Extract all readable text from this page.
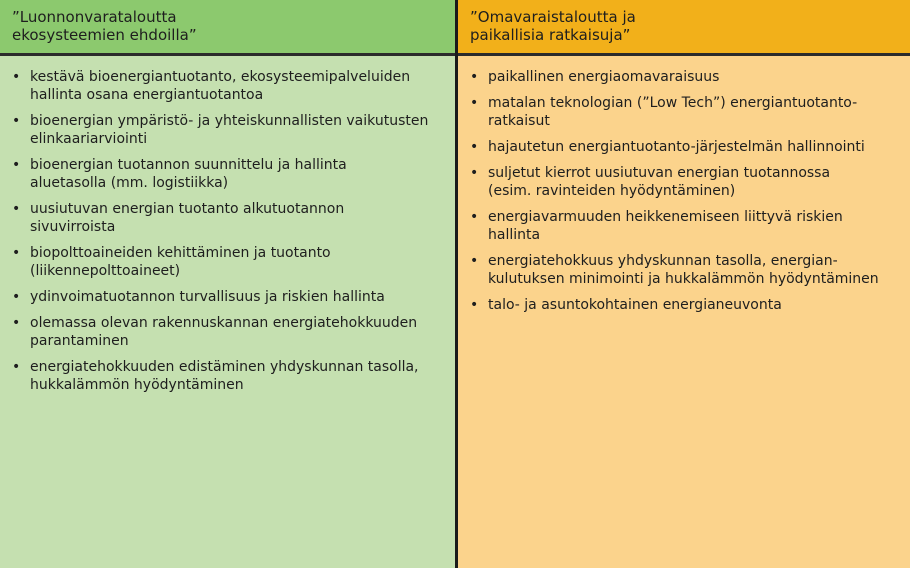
”Luonnonvarataloutta
ekosysteemien ehdoilla”
• kestävä bioenergiantuotanto, ekosysteemipalveluiden
hallinta osana energiantuotantoa
• bioenergian ympäristö- ja yhteiskunnallisten vaikutusten
elinkaariarviointi
• bioenergian tuotannon suunnittelu ja hallinta
aluetasolla (mm. logistiikka)
• uusiutuvan energian tuotanto alkutuotannon
sivuvirroista
• biopolttoaineiden kehittäminen ja tuotanto
(liikennepolttoaineet)
• ydinvoimatuotannon turvallisuus ja riskien hallinta
• olemassa olevan rakennuskannan energiatehokkuuden
parantaminen
• energiatehokkuuden edistäminen yhdyskunnan tasolla,
hukkalämmön hyödyntäminen
”Omavaraistaloutta ja
paikallisia ratkaisuja”
• paikallinen energiaomavaraisuus
• matalan teknologian (”Low Tech”) energiantuotanto-
ratkaisut
• hajautetun energiantuotanto-järjestelmän hallinnointi
• suljetut kierrot uusiutuvan energian tuotannossa
(esim. ravinteiden hyödyntäminen)
• energiavarmuuden heikkenemiseen liittyvä riskien
hallinta
• energiatehokkuus yhdyskunnan tasolla, energian-
kulutuksen minimointi ja hukkalämmön hyödyntäminen
• talo- ja asuntokohtainen energianeuvonta
